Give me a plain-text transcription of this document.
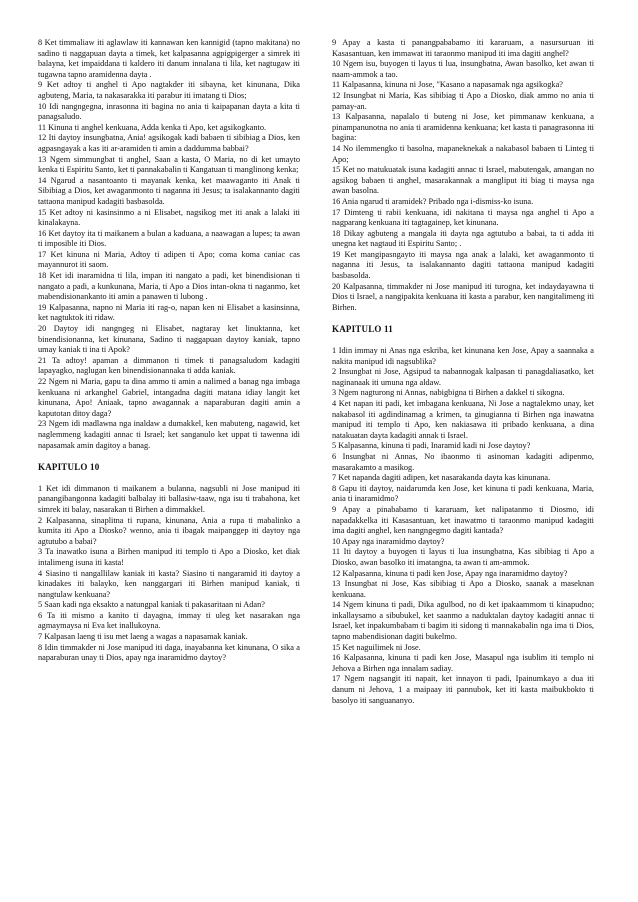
8 Ket timmaliaw iti aglawlaw iti kannawan ken kannigid (tapno makitana) no sadino ti naggapuan dayta a timek, ket kalpasanna agpigpigerger a simrek iti balayna, ket impaiddana ti kaldero iti danum innalana ti lila, ket nagtugaw iti tugawna tapno aramidenna dayta .

9 Ket adtoy ti anghel ti Apo nagtakder iti sibayna, ket kinunana, Dika agbuteng, Maria, ta nakasarakka iti parabur iti imatang ti Dios;

10 Idi nangngegna, inrasonna iti bagina no ania ti kaipapanan dayta a kita ti panagsaludo.

11 Kinuna ti anghel kenkuana, Adda kenka ti Apo, ket agsikogkanto.

12 Iti daytoy insungbatna, Ania! agsikogak kadi babaen ti sibibiag a Dios, ken agpasngayak a kas iti ar-aramiden ti amin a daddumma babbai?

13 Ngem simmungbat ti anghel, Saan a kasta, O Maria, no di ket umayto kenka ti Espiritu Santo, ket ti pannakabalin ti Kangatuan ti manglinong kenka;

14 Ngarud a nasantoanto ti mayanak kenka, ket maawaganto iti Anak ti Sibibiag a Dios, ket awaganmonto ti naganna iti Jesus; ta isalakannanto dagiti tattaona manipud kadagiti basbasolda.

15 Ket adtoy ni kasinsinmo a ni Elisabet, nagsikog met iti anak a lalaki iti kinalakayna.

16 Ket daytoy ita ti maikanem a bulan a kaduana, a naawagan a lupes; ta awan ti imposible iti Dios.

17 Ket kinuna ni Maria, Adtoy ti adipen ti Apo; coma koma caniac cas mayannurot iti saom.

18 Ket idi inaramidna ti lila, impan iti nangato a padi, ket binendisionan ti nangato a padi, a kunkunana, Maria, ti Apo a Dios intan-okna ti naganmo, ket mabendisionankanto iti amin a panawen ti lubong .

19 Kalpasanna, napno ni Maria iti rag-o, napan ken ni Elisabet a kasinsinna, ket nagtuktok iti ridaw.

20 Daytoy idi nangngeg ni Elisabet, nagtaray ket linuktanna, ket binendisionanna, ket kinunana, Sadino ti naggapuan daytoy kaniak, tapno umay kaniak ti ina ti Apok?

21 Ta adtoy! apaman a dimmanon ti timek ti panagsaludom kadagiti lapayagko, naglugan ken binendisionannaka ti adda kaniak.

22 Ngem ni Maria, gapu ta dina ammo ti amin a nalimed a banag nga imbaga kenkuana ni arkanghel Gabriel, intangadna dagiti matana idiay langit ket kinunana, Apo! Aniaak, tapno awagannak a naparaburan dagiti amin a kaputotan ditoy daga?

23 Ngem idi madlawna nga inaldaw a dumakkel, ken mabuteng, nagawid, ket naglemmeng kadagiti annac ti Israel; ket sanganulo ket uppat ti tawenna idi napasamak amin dagitoy a banag.

KAPITULO 10

1 Ket idi dimmanon ti maikanem a bulanna, nagsubli ni Jose manipud iti panangibangonna kadagiti balbalay iti ballasiw-taaw, nga isu ti trabahona, ket simrek iti balay, nasarakan ti Birhen a dimmakkel.

2 Kalpasanna, sinaplitna ti rupana, kinunana, Ania a rupa ti mabalinko a kumita iti Apo a Diosko? wenno, ania ti ibagak maipanggep iti daytoy nga agtutubo a babai?

3 Ta inawatko isuna a Birhen manipud iti templo ti Apo a Diosko, ket diak intalimeng isuna iti kasta!

4 Siasino ti nangallilaw kaniak iti kasta? Siasino ti nangaramid iti daytoy a kinadakes iti balayko, ken nanggargari iti Birhen manipud kaniak, ti nangtulaw kenkuana?

5 Saan kadi nga eksakto a natungpal kaniak ti pakasaritaan ni Adan?

6 Ta iti mismo a kanito ti dayagna, immay ti uleg ket nasarakan nga agmaymaysa ni Eva ket inallukoyna.

7 Kalpasan laeng ti isu met laeng a wagas a napasamak kaniak.

8 Idin timmakder ni Jose manipud iti daga, inayabanna ket kinunana, O sika a naparaburan unay ti Dios, apay nga inaramidmo daytoy?

9 Apay a kasta ti panangpababamo iti kararuam, a nasursuruan iti Kasasantuan, ken immawat iti taraonmo manipud iti ima dagiti anghel?

10 Ngem isu, buyogen ti layus ti lua, insungbatna, Awan basolko, ket awan ti naam-ammok a tao.

11 Kalpasanna, kinuna ni Jose, "Kasano a napasamak nga agsikogka?

12 Insungbat ni Maria, Kas sibibiag ti Apo a Diosko, diak ammo no ania ti pamay-an.

13 Kalpasanna, napalalo ti buteng ni Jose, ket pimmanaw kenkuana, a pinampanunotna no ania ti aramidenna kenkuana; ket kasta ti panagrasonna iti bagina:

14 No ilemmengko ti basolna, mapaneknekak a nakabasol babaen ti Linteg ti Apo;

15 Ket no matukuatak isuna kadagiti annac ti Israel, mabutengak, amangan no agsikog babaen ti anghel, masarakannak a mangliput iti biag ti maysa nga awan basolna.

16 Ania ngarud ti aramidek? Pribado nga i-dismiss-ko isuna.

17 Dimteng ti rabii kenkuana, idi nakitana ti maysa nga anghel ti Apo a nagparang kenkuana iti tagtagainep, ket kinunana.

18 Dikay agbuteng a mangala iti dayta nga agtutubo a babai, ta ti adda iti unegna ket nagtaud iti Espiritu Santo; .

19 Ket mangipasngayto iti maysa nga anak a lalaki, ket awaganmonto ti naganna iti Jesus, ta isalakannanto dagiti tattaona manipud kadagiti basbasolda.

20 Kalpasanna, timmakder ni Jose manipud iti turogna, ket indaydayawna ti Dios ti Israel, a nangipakita kenkuana iti kasta a parabur, ken nangitalimeng iti Birhen.

KAPITULO 11

1 Idin immay ni Anas nga eskriba, ket kinunana ken Jose, Apay a saannaka a nakita manipud idi nagsublika?

2 Insungbat ni Jose, Agsipud ta nabannogak kalpasan ti panagdaliasatko, ket naginanaak iti umuna nga aldaw.

3 Ngem nagturong ni Annas, nabigbigna ti Birhen a dakkel ti sikogna.

4 Ket napan iti padi, ket imbagana kenkuana, Ni Jose a nagtalekmo unay, ket nakabasol iti agdindinamag a krimen, ta ginugianna ti Birhen nga inawatna manipud iti templo ti Apo, ken nakiasawa iti pribado kenkuana, a dina natakuatan dayta kadagiti annak ti Israel.

5 Kalpasanna, kinuna ti padi, Inaramid kadi ni Jose daytoy?

6 Insungbat ni Annas, No ibaonmo ti asinoman kadagiti adipenmo, masarakamto a masikog.

7 Ket napanda dagiti adipen, ket nasarakanda dayta kas kinunana.

8 Gapu iti daytoy, naidarumda ken Jose, ket kinuna ti padi kenkuana, Maria, ania ti inaramidmo?

9 Apay a pinababamo ti kararuam, ket nalipatanmo ti Diosmo, idi napadakkelka iti Kasasantuan, ket inawatmo ti taraonmo manipud kadagiti ima dagiti anghel, ken nangngegmo dagiti kantada?

10 Apay nga inaramidmo daytoy?

11 Iti daytoy a buyogen ti layus ti lua insungbatna, Kas sibibiag ti Apo a Diosko, awan basolko iti imatangna, ta awan ti am-ammok.

12 Kalpasanna, kinuna ti padi ken Jose, Apay nga inaramidmo daytoy?

13 Insungbat ni Jose, Kas sibibiag ti Apo a Diosko, saanak a maseknan kenkuana.

14 Ngem kinuna ti padi, Dika agulbod, no di ket ipakaammom ti kinapudno; inkallaysamo a sibubukel, ket saanmo a naduktalan daytoy kadagiti annac ti Israel, ket inpakumbabam ti bagim iti sidong ti mannakabalin nga ima ti Dios, tapno mabendisionan dagiti bukelmo.

15 Ket naguilimek ni Jose.

16 Kalpasanna, kinuna ti padi ken Jose, Masapul nga isublim iti templo ni Jehova a Birhen nga innalam sadiay.

17 Ngem nagsangit iti napait, ket innayon ti padi, Ipainumkayo a dua iti danum ni Jehova, 1 a maipaay iti pannubok, ket iti kasta maibukbokto ti basolyo iti sanguananyo.
